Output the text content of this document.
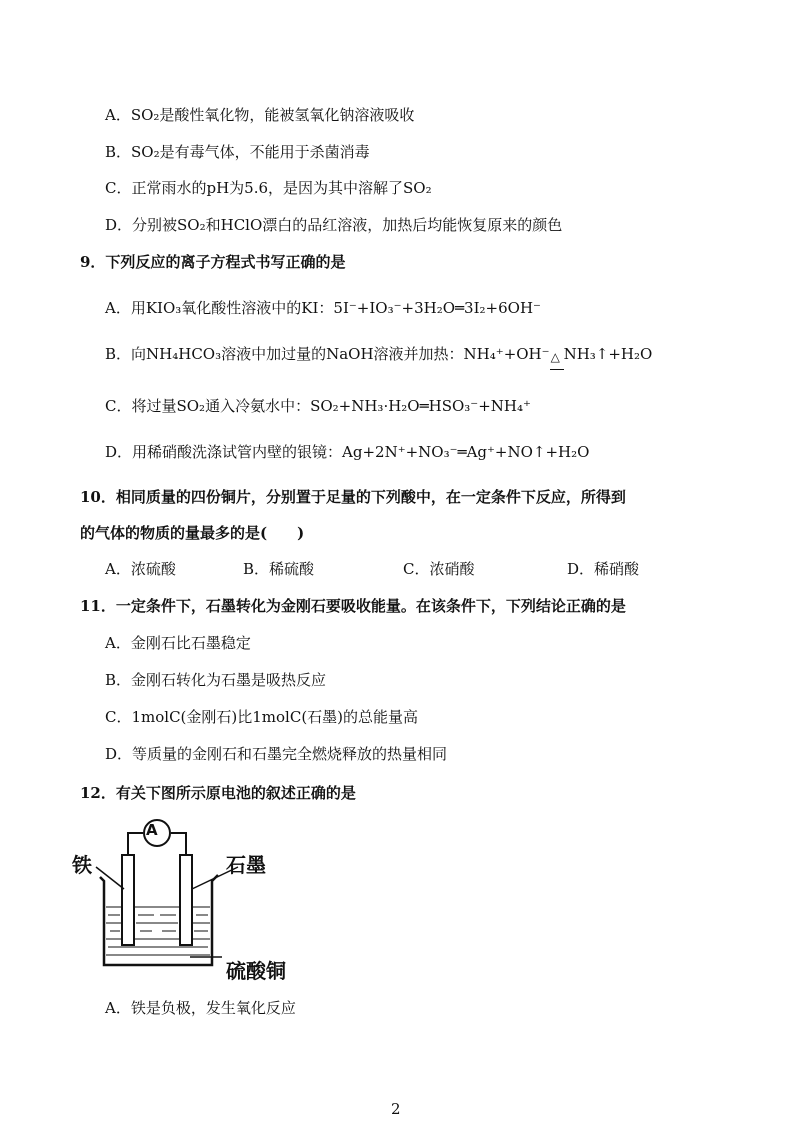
A．SO₂是酸性氧化物，能被氢氧化钠溶液吸收
B．SO₂是有毒气体，不能用于杀菌消毒
C．正常雨水的pH为5.6，是因为其中溶解了SO₂
D．分别被SO₂和HClO漂白的品红溶液，加热后均能恢复原来的颜色
9．下列反应的离子方程式书写正确的是
A．用KIO₃氧化酸性溶液中的KI：5I⁻+IO₃⁻+3H₂O═3I₂+6OH⁻
B．向NH₄HCO₃溶液中加过量的NaOH溶液并加热：NH₄⁺+OH⁻ △ NH₃↑+H₂O
C．将过量SO₂通入冷氨水中：SO₂+NH₃·H₂O═HSO₃⁻+NH₄⁺
D．用稀硝酸洗涤试管内壁的银镜：Ag+2N⁺+NO₃⁻═Ag⁺+NO↑+H₂O
10．相同质量的四份铜片，分别置于足量的下列酸中，在一定条件下反应，所得到
的气体的物质的量最多的是(　　)
A．浓硫酸	B．稀硫酸	C．浓硝酸	D．稀硝酸
11．一定条件下，石墨转化为金刚石要吸收能量。在该条件下，下列结论正确的是
A．金刚石比石墨稳定
B．金刚石转化为石墨是吸热反应
C．1molC(金刚石)比1molC(石墨)的总能量高
D．等质量的金刚石和石墨完全燃烧释放的热量相同
12．有关下图所示原电池的叙述正确的是
A
铁	石墨
硫酸铜
A．铁是负极，发生氧化反应
2
